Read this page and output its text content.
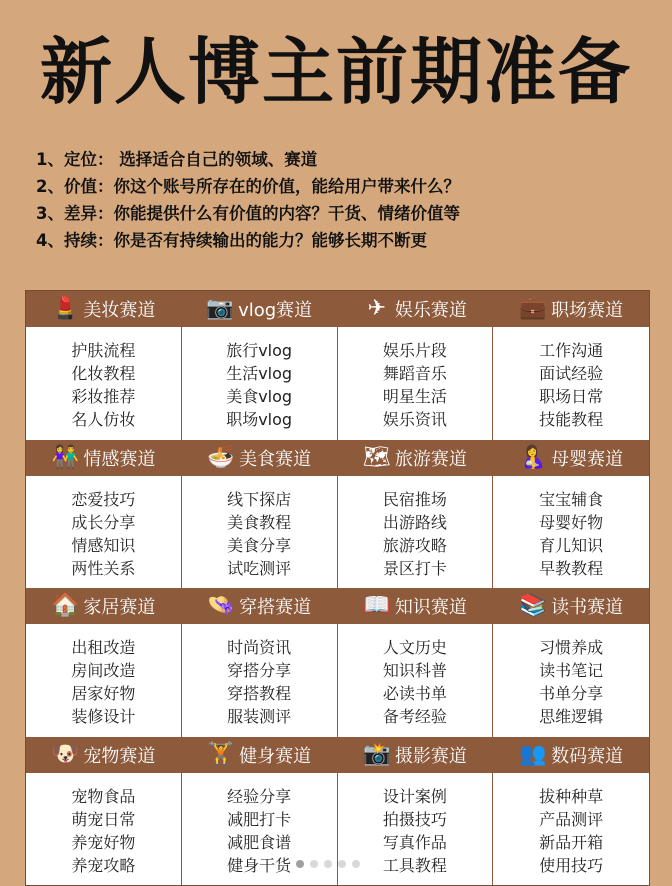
新人博主前期准备
1、定位： 选择适合自己的领域、赛道
2、价值：你这个账号所存在的价值，能给用户带来什么？
3、差异：你能提供什么有价值的内容？干货、情绪价值等
4、持续：你是否有持续输出的能力？能够长期不断更
💄 美妆赛道
护肤流程
化妆教程
彩妆推荐
名人仿妆
📷 vlog赛道
旅行vlog
生活vlog
美食vlog
职场vlog
✈ 娱乐赛道
娱乐片段
舞蹈音乐
明星生活
娱乐资讯
💼 职场赛道
工作沟通
面试经验
职场日常
技能教程
👫 情感赛道
恋爱技巧
成长分享
情感知识
两性关系
🍜 美食赛道
线下探店
美食教程
美食分享
试吃测评
🗺 旅游赛道
民宿推场
出游路线
旅游攻略
景区打卡
🤱 母婴赛道
宝宝辅食
母婴好物
育儿知识
早教教程
🏠 家居赛道
出租改造
房间改造
居家好物
装修设计
👒 穿搭赛道
时尚资讯
穿搭分享
穿搭教程
服装测评
📖 知识赛道
人文历史
知识科普
必读书单
备考经验
📚 读书赛道
习惯养成
读书笔记
书单分享
思维逻辑
🐶 宠物赛道
宠物食品
萌宠日常
养宠好物
养宠攻略
🏋 健身赛道
经验分享
减肥打卡
减肥食谱
健身干货
📸 摄影赛道
设计案例
拍摄技巧
写真作品
工具教程
👥 数码赛道
拔种种草
产品测评
新品开箱
使用技巧
